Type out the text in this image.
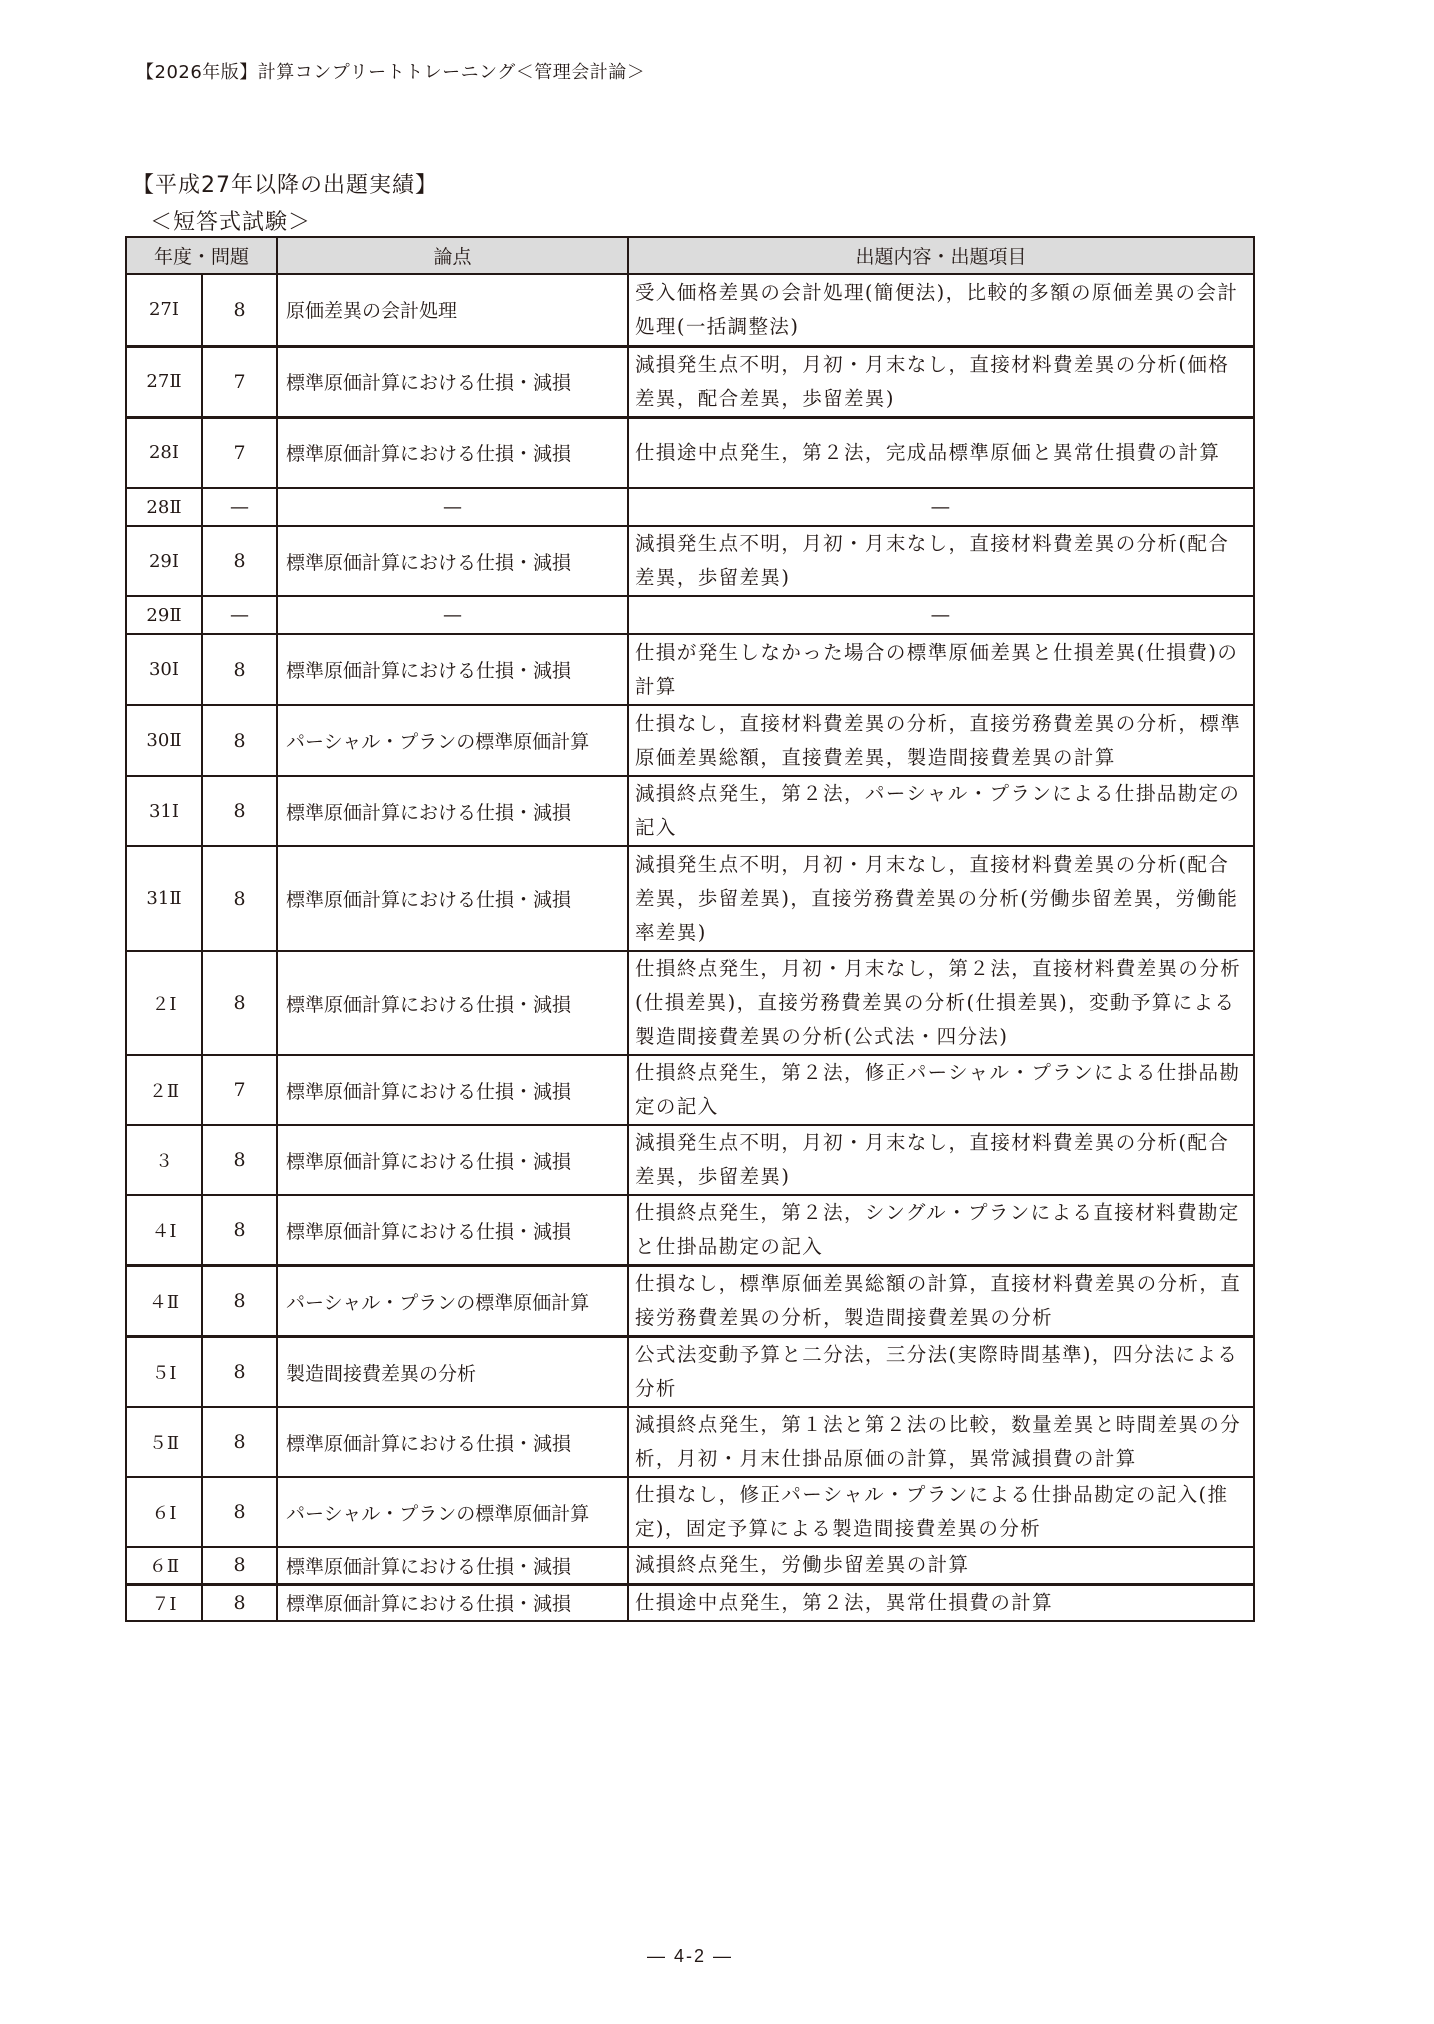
【2026年版】計算コンプリートトレーニング＜管理会計論＞
【平成27年以降の出題実績】
＜短答式試験＞
年度・問題		論点	出題内容・出題項目
27Ⅰ	8	原価差異の会計処理	受入価格差異の会計処理(簡便法)，比較的多額の原価差異の会計処理(一括調整法)
27Ⅱ	7	標準原価計算における仕損・減損	減損発生点不明，月初・月末なし，直接材料費差異の分析(価格差異，配合差異，歩留差異)
28Ⅰ	7	標準原価計算における仕損・減損	仕損途中点発生，第２法，完成品標準原価と異常仕損費の計算
28Ⅱ	—	—	—
29Ⅰ	8	標準原価計算における仕損・減損	減損発生点不明，月初・月末なし，直接材料費差異の分析(配合差異，歩留差異)
29Ⅱ	—	—	—
30Ⅰ	8	標準原価計算における仕損・減損	仕損が発生しなかった場合の標準原価差異と仕損差異(仕損費)の計算
30Ⅱ	8	パーシャル・プランの標準原価計算	仕損なし，直接材料費差異の分析，直接労務費差異の分析，標準原価差異総額，直接費差異，製造間接費差異の計算
31Ⅰ	8	標準原価計算における仕損・減損	減損終点発生，第２法，パーシャル・プランによる仕掛品勘定の記入
31Ⅱ	8	標準原価計算における仕損・減損	減損発生点不明，月初・月末なし，直接材料費差異の分析(配合差異，歩留差異)，直接労務費差異の分析(労働歩留差異，労働能率差異)
２Ⅰ	8	標準原価計算における仕損・減損	仕損終点発生，月初・月末なし，第２法，直接材料費差異の分析(仕損差異)，直接労務費差異の分析(仕損差異)，変動予算による製造間接費差異の分析(公式法・四分法)
２Ⅱ	7	標準原価計算における仕損・減損	仕損終点発生，第２法，修正パーシャル・プランによる仕掛品勘定の記入
３	8	標準原価計算における仕損・減損	減損発生点不明，月初・月末なし，直接材料費差異の分析(配合差異，歩留差異)
４Ⅰ	8	標準原価計算における仕損・減損	仕損終点発生，第２法，シングル・プランによる直接材料費勘定と仕掛品勘定の記入
４Ⅱ	8	パーシャル・プランの標準原価計算	仕損なし，標準原価差異総額の計算，直接材料費差異の分析，直接労務費差異の分析，製造間接費差異の分析
５Ⅰ	8	製造間接費差異の分析	公式法変動予算と二分法，三分法(実際時間基準)，四分法による分析
５Ⅱ	8	標準原価計算における仕損・減損	減損終点発生，第１法と第２法の比較，数量差異と時間差異の分析，月初・月末仕掛品原価の計算，異常減損費の計算
６Ⅰ	8	パーシャル・プランの標準原価計算	仕損なし，修正パーシャル・プランによる仕掛品勘定の記入(推定)，固定予算による製造間接費差異の分析
６Ⅱ	8	標準原価計算における仕損・減損	減損終点発生，労働歩留差異の計算
７Ⅰ	8	標準原価計算における仕損・減損	仕損途中点発生，第２法，異常仕損費の計算
— 4-2 —
